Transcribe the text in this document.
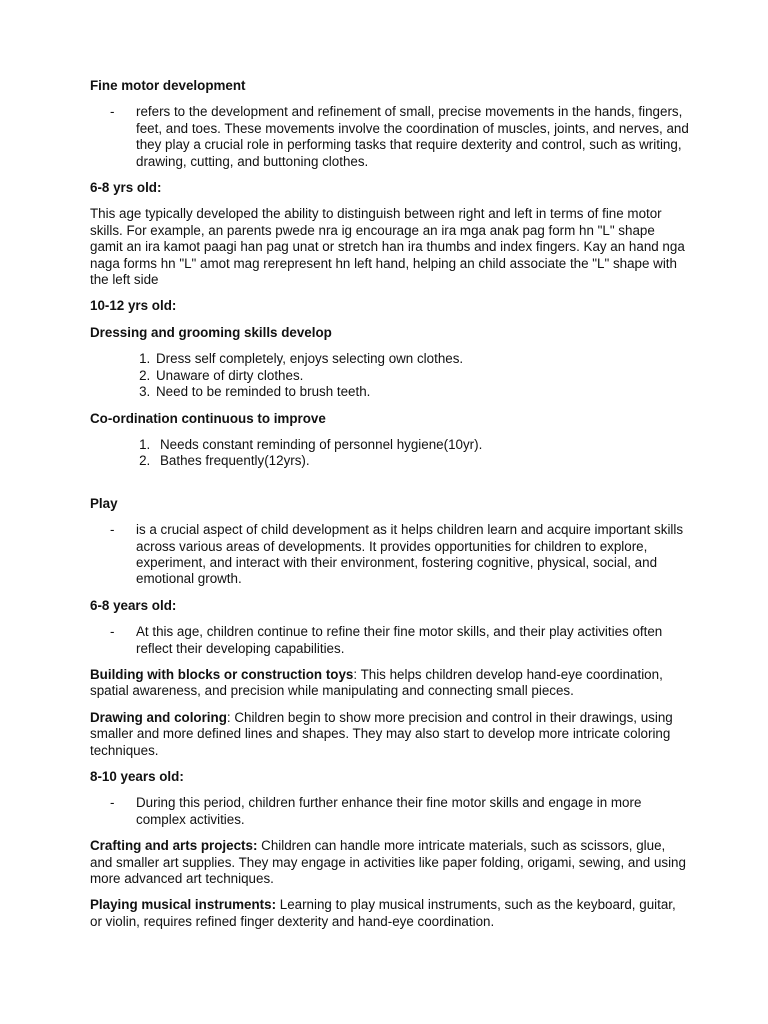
Fine motor development
-	refers to the development and refinement of small, precise movements in the hands, fingers, feet, and toes. These movements involve the coordination of muscles, joints, and nerves, and they play a crucial role in performing tasks that require dexterity and control, such as writing, drawing, cutting, and buttoning clothes.
6-8 yrs old:
This age typically developed the ability to distinguish between right and left in terms of fine motor skills. For example, an parents pwede nra ig encourage an ira mga anak pag form hn "L" shape gamit an ira kamot paagi han pag unat or stretch han ira thumbs and index fingers. Kay an hand nga naga forms hn "L" amot mag rerepresent hn left hand, helping an child associate the "L" shape with the left side
10-12 yrs old:
Dressing and grooming skills develop
1. Dress self completely, enjoys selecting own clothes.
2. Unaware of dirty clothes.
3. Need to be reminded to brush teeth.
Co-ordination continuous to improve
1. Needs constant reminding of personnel hygiene(10yr).
2. Bathes frequently(12yrs).
Play
-	is a crucial aspect of child development as it helps children learn and acquire important skills across various areas of developments. It provides opportunities for children to explore, experiment, and interact with their environment, fostering cognitive, physical, social, and emotional growth.
6-8 years old:
-	At this age, children continue to refine their fine motor skills, and their play activities often reflect their developing capabilities.
Building with blocks or construction toys: This helps children develop hand-eye coordination, spatial awareness, and precision while manipulating and connecting small pieces.
Drawing and coloring: Children begin to show more precision and control in their drawings, using smaller and more defined lines and shapes. They may also start to develop more intricate coloring techniques.
8-10 years old:
-	During this period, children further enhance their fine motor skills and engage in more complex activities.
Crafting and arts projects: Children can handle more intricate materials, such as scissors, glue, and smaller art supplies. They may engage in activities like paper folding, origami, sewing, and using more advanced art techniques.
Playing musical instruments: Learning to play musical instruments, such as the keyboard, guitar, or violin, requires refined finger dexterity and hand-eye coordination.
